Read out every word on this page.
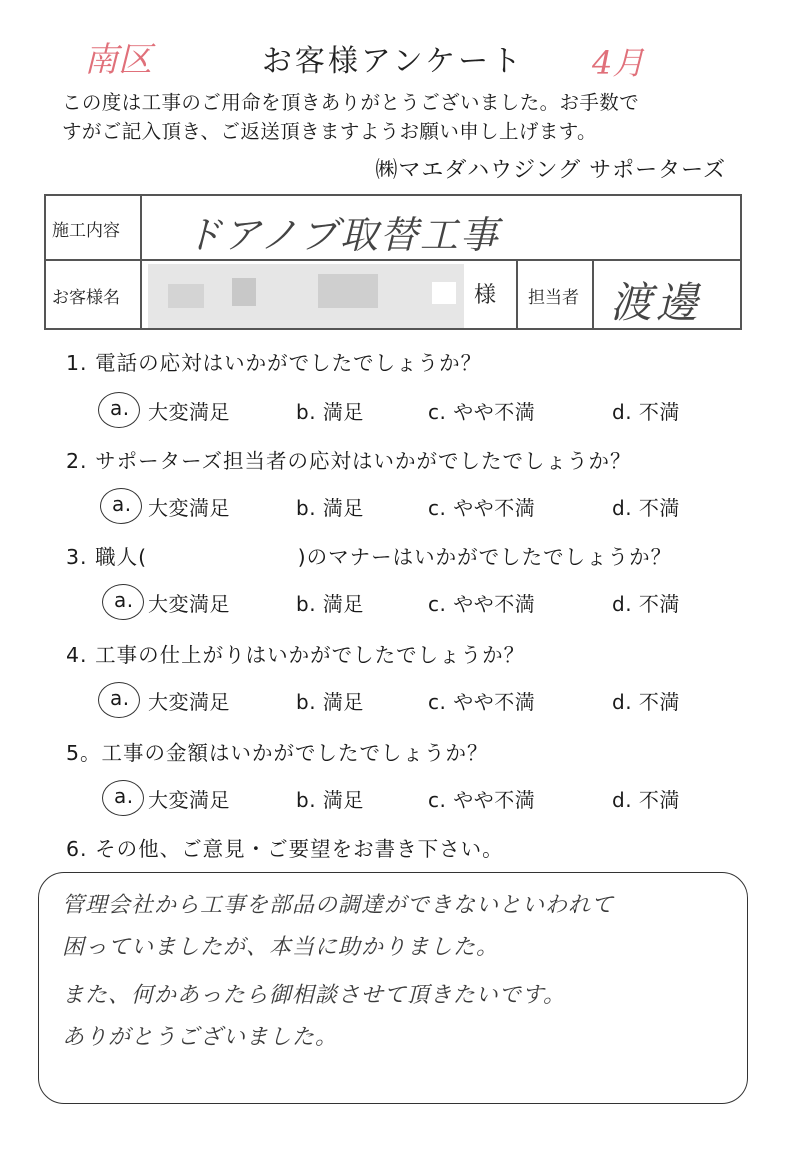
南区	お客様アンケート	4月
この度は工事のご用命を頂きありがとうございました。お手数で
すがご記入頂き、ご返送頂きますようお願い申し上げます。
㈱マエダハウジング サポーターズ
施工内容 ドアノブ取替工事
お客様名	様 担当者 渡邊
1. 電話の応対はいかがでしたでしょうか？
a. 大変満足	b. 満足	c. やや不満	d. 不満
2. サポーターズ担当者の応対はいかがでしたでしょうか？
a. 大変満足	b. 満足	c. やや不満	d. 不満
3. 職人(　　　　　　　)のマナーはいかがでしたでしょうか？
a. 大変満足	b. 満足	c. やや不満	d. 不満
4. 工事の仕上がりはいかがでしたでしょうか？
a. 大変満足	b. 満足	c. やや不満	d. 不満
5。工事の金額はいかがでしたでしょうか？
a. 大変満足	b. 満足	c. やや不満	d. 不満
6. その他、ご意見・ご要望をお書き下さい。
管理会社から工事を部品の調達ができないといわれて
困っていましたが、本当に助かりました。
また、何かあったら御相談させて頂きたいです。
ありがとうございました。
